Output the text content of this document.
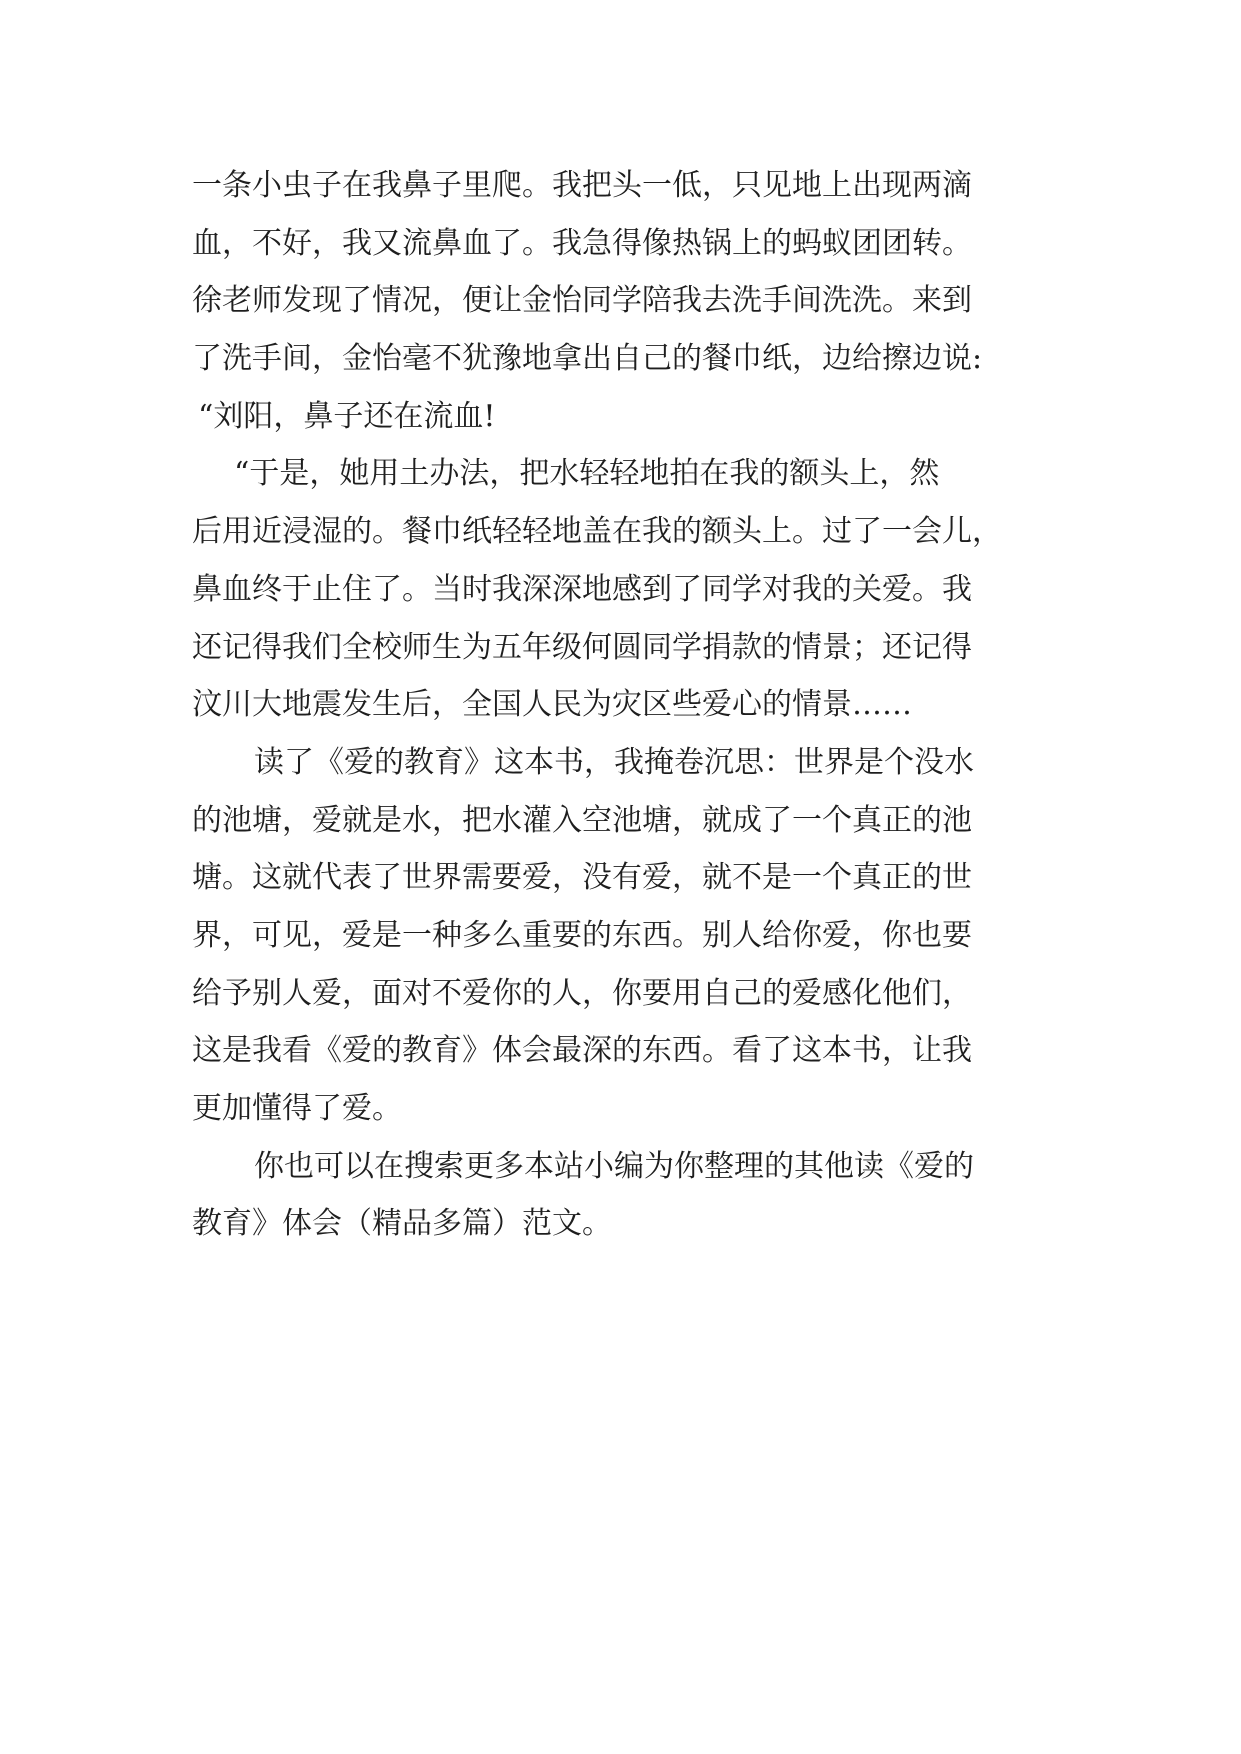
一条小虫子在我鼻子里爬。我把头一低，只见地上出现两滴
血，不好，我又流鼻血了。我急得像热锅上的蚂蚁团团转。
徐老师发现了情况，便让金怡同学陪我去洗手间洗洗。来到
了洗手间，金怡毫不犹豫地拿出自己的餐巾纸，边给擦边说:
“刘阳，鼻子还在流血!
“于是，她用土办法，把水轻轻地拍在我的额头上，然
后用近浸湿的。餐巾纸轻轻地盖在我的额头上。过了一会儿，
鼻血终于止住了。当时我深深地感到了同学对我的关爱。我
还记得我们全校师生为五年级何圆同学捐款的情景；还记得
汶川大地震发生后，全国人民为灾区些爱心的情景……
读了《爱的教育》这本书，我掩卷沉思：世界是个没水
的池塘，爱就是水，把水灌入空池塘，就成了一个真正的池
塘。这就代表了世界需要爱，没有爱，就不是一个真正的世
界，可见，爱是一种多么重要的东西。别人给你爱，你也要
给予别人爱，面对不爱你的人，你要用自己的爱感化他们，
这是我看《爱的教育》体会最深的东西。看了这本书，让我
更加懂得了爱。
你也可以在搜索更多本站小编为你整理的其他读《爱的
教育》体会（精品多篇）范文。
